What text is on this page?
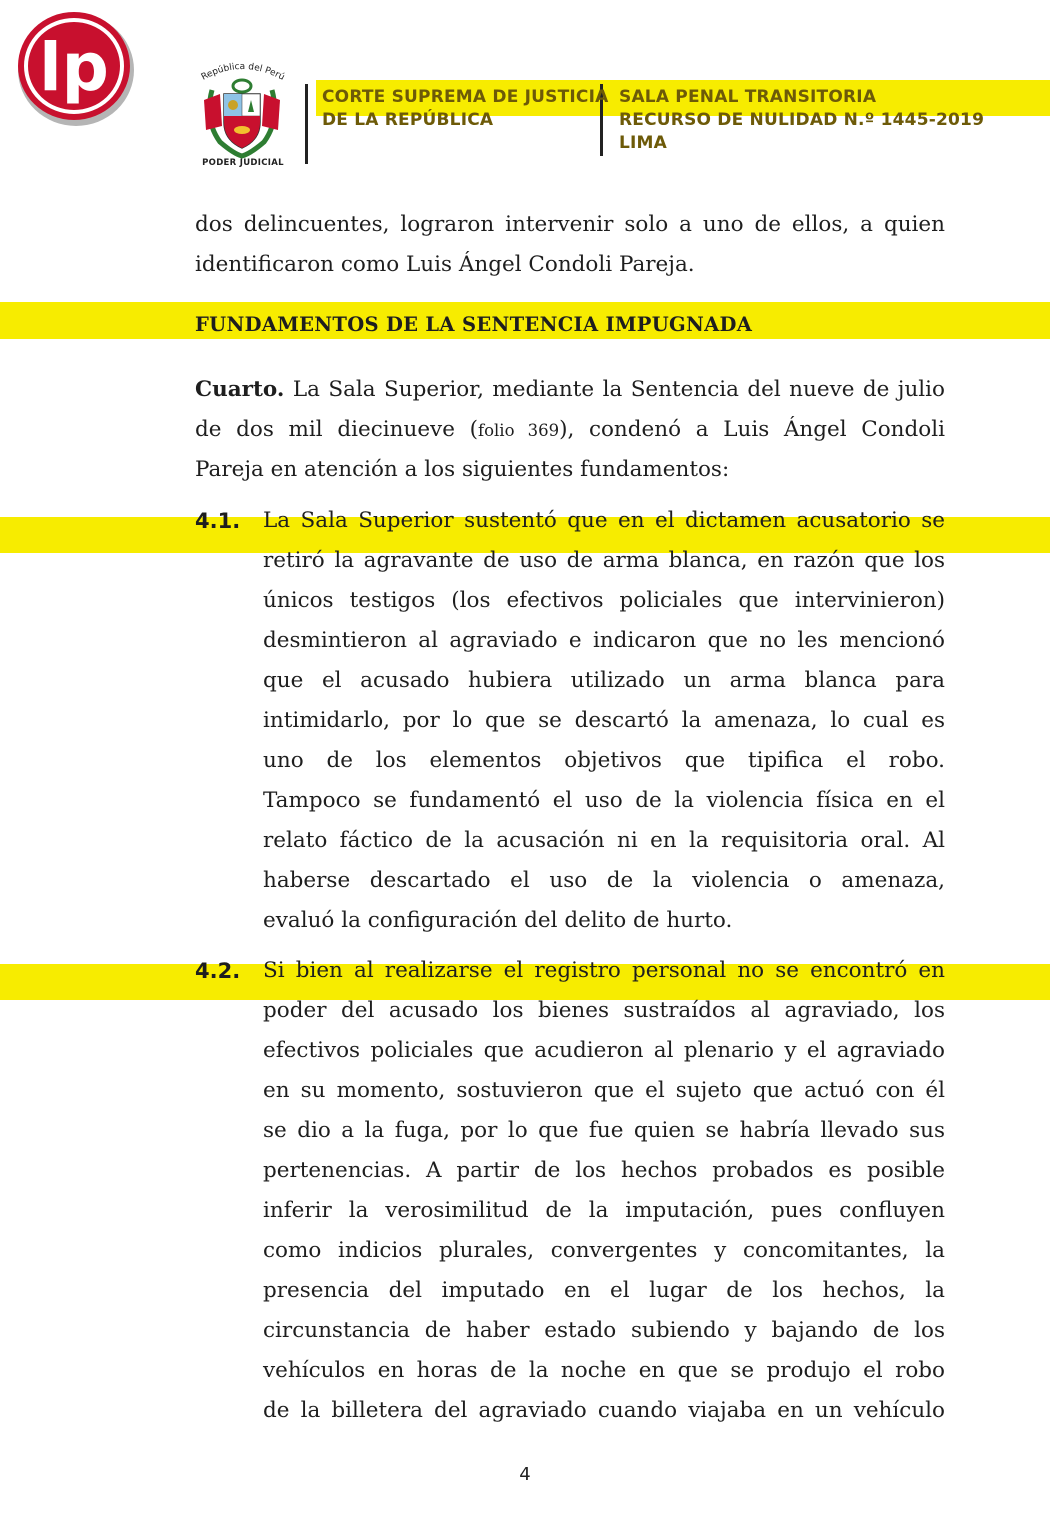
lp	República del Perú
PODER JUDICIAL
CORTE SUPREMA DE JUSTICIA
DE LA REPÚBLICA
SALA PENAL TRANSITORIA
RECURSO DE NULIDAD N.º 1445-2019
LIMA
dos delincuentes, lograron intervenir solo a uno de ellos, a quien
identificaron como Luis Ángel Condoli Pareja.
FUNDAMENTOS DE LA SENTENCIA IMPUGNADA
Cuarto. La Sala Superior, mediante la Sentencia del nueve de julio
de dos mil diecinueve (folio 369), condenó a Luis Ángel Condoli
Pareja en atención a los siguientes fundamentos:
4.1. La Sala Superior sustentó que en el dictamen acusatorio se
retiró la agravante de uso de arma blanca, en razón que los
únicos testigos (los efectivos policiales que intervinieron)
desmintieron al agraviado e indicaron que no les mencionó
que el acusado hubiera utilizado un arma blanca para
intimidarlo, por lo que se descartó la amenaza, lo cual es
uno de los elementos objetivos que tipifica el robo.
Tampoco se fundamentó el uso de la violencia física en el
relato fáctico de la acusación ni en la requisitoria oral. Al
haberse descartado el uso de la violencia o amenaza,
evaluó la configuración del delito de hurto.
4.2. Si bien al realizarse el registro personal no se encontró en
poder del acusado los bienes sustraídos al agraviado, los
efectivos policiales que acudieron al plenario y el agraviado
en su momento, sostuvieron que el sujeto que actuó con él
se dio a la fuga, por lo que fue quien se habría llevado sus
pertenencias. A partir de los hechos probados es posible
inferir la verosimilitud de la imputación, pues confluyen
como indicios plurales, convergentes y concomitantes, la
presencia del imputado en el lugar de los hechos, la
circunstancia de haber estado subiendo y bajando de los
vehículos en horas de la noche en que se produjo el robo
de la billetera del agraviado cuando viajaba en un vehículo
4
